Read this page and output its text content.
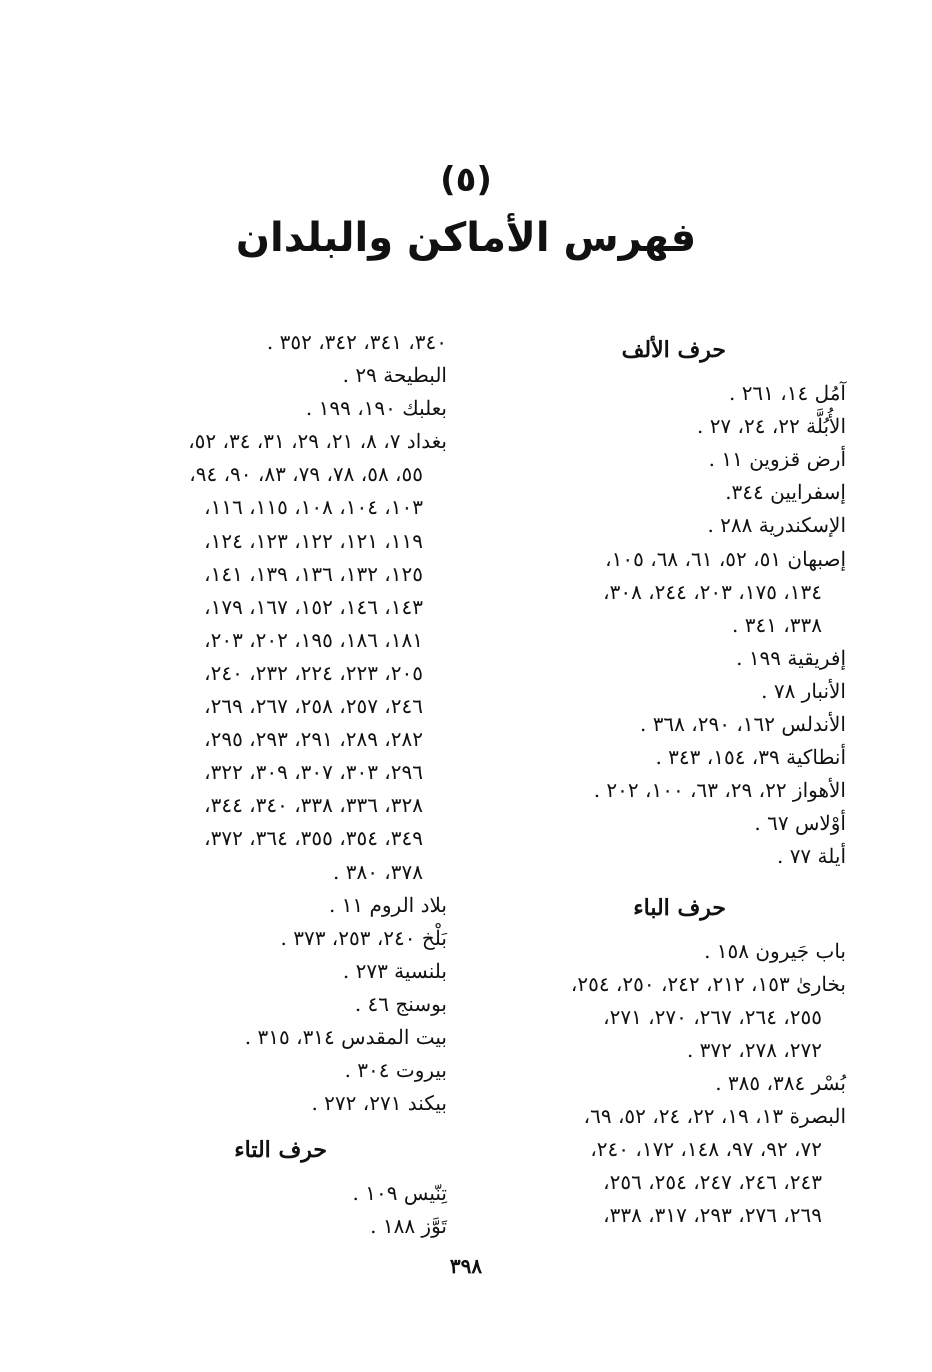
(٥)
فهرس الأماكن والبلدان
حرف الألف
آمُل ١٤، ٢٦١ .
الأُبُلَّة ٢٢، ٢٤، ٢٧ .
أرض قزوين ١١ .
إسفرايين ٣٤٤.
الإسكندرية ٢٨٨ .
إصبهان ٥١، ٥٢، ٦١، ٦٨، ١٠٥،
١٣٤، ١٧٥، ٢٠٣، ٢٤٤، ٣٠٨،
٣٣٨، ٣٤١ .
إفريقية ١٩٩ .
الأنبار ٧٨ .
الأندلس ١٦٢، ٢٩٠، ٣٦٨ .
أنطاكية ٣٩، ١٥٤، ٣٤٣ .
الأهواز ٢٢، ٢٩، ٦٣، ١٠٠، ٢٠٢ .
أوْلاس ٦٧ .
أيلة ٧٧ .
حرف الباء
باب جَيرون ١٥٨ .
بخارىٰ ١٥٣، ٢١٢، ٢٤٢، ٢٥٠، ٢٥٤،
٢٥٥، ٢٦٤، ٢٦٧، ٢٧٠، ٢٧١،
٢٧٢، ٢٧٨، ٣٧٢ .
بُسْر ٣٨٤، ٣٨٥ .
البصرة ١٣، ١٩، ٢٢، ٢٤، ٥٢، ٦٩،
٧٢، ٩٢، ٩٧، ١٤٨، ١٧٢، ٢٤٠،
٢٤٣، ٢٤٦، ٢٤٧، ٢٥٤، ٢٥٦،
٢٦٩، ٢٧٦، ٢٩٣، ٣١٧، ٣٣٨،
٣٤٠، ٣٤١، ٣٤٢، ٣٥٢ .
البطيحة ٢٩ .
بعلبك ١٩٠، ١٩٩ .
بغداد ٧، ٨، ٢١، ٢٩، ٣١، ٣٤، ٥٢،
٥٥، ٥٨، ٧٨، ٧٩، ٨٣، ٩٠، ٩٤،
١٠٣، ١٠٤، ١٠٨، ١١٥، ١١٦،
١١٩، ١٢١، ١٢٢، ١٢٣، ١٢٤،
١٢٥، ١٣٢، ١٣٦، ١٣٩، ١٤١،
١٤٣، ١٤٦، ١٥٢، ١٦٧، ١٧٩،
١٨١، ١٨٦، ١٩٥، ٢٠٢، ٢٠٣،
٢٠٥، ٢٢٣، ٢٢٤، ٢٣٢، ٢٤٠،
٢٤٦، ٢٥٧، ٢٥٨، ٢٦٧، ٢٦٩،
٢٨٢، ٢٨٩، ٢٩١، ٢٩٣، ٢٩٥،
٢٩٦، ٣٠٣، ٣٠٧، ٣٠٩، ٣٢٢،
٣٢٨، ٣٣٦، ٣٣٨، ٣٤٠، ٣٤٤،
٣٤٩، ٣٥٤، ٣٥٥، ٣٦٤، ٣٧٢،
٣٧٨، ٣٨٠ .
بلاد الروم ١١ .
بَلْخ ٢٤٠، ٢٥٣، ٣٧٣ .
بلنسية ٢٧٣ .
بوسنج ٤٦ .
بيت المقدس ٣١٤، ٣١٥ .
بيروت ٣٠٤ .
بيكند ٢٧١، ٢٧٢ .
حرف التاء
تِنّيس ١٠٩ .
تَوَّز ١٨٨ .
٣٩٨
